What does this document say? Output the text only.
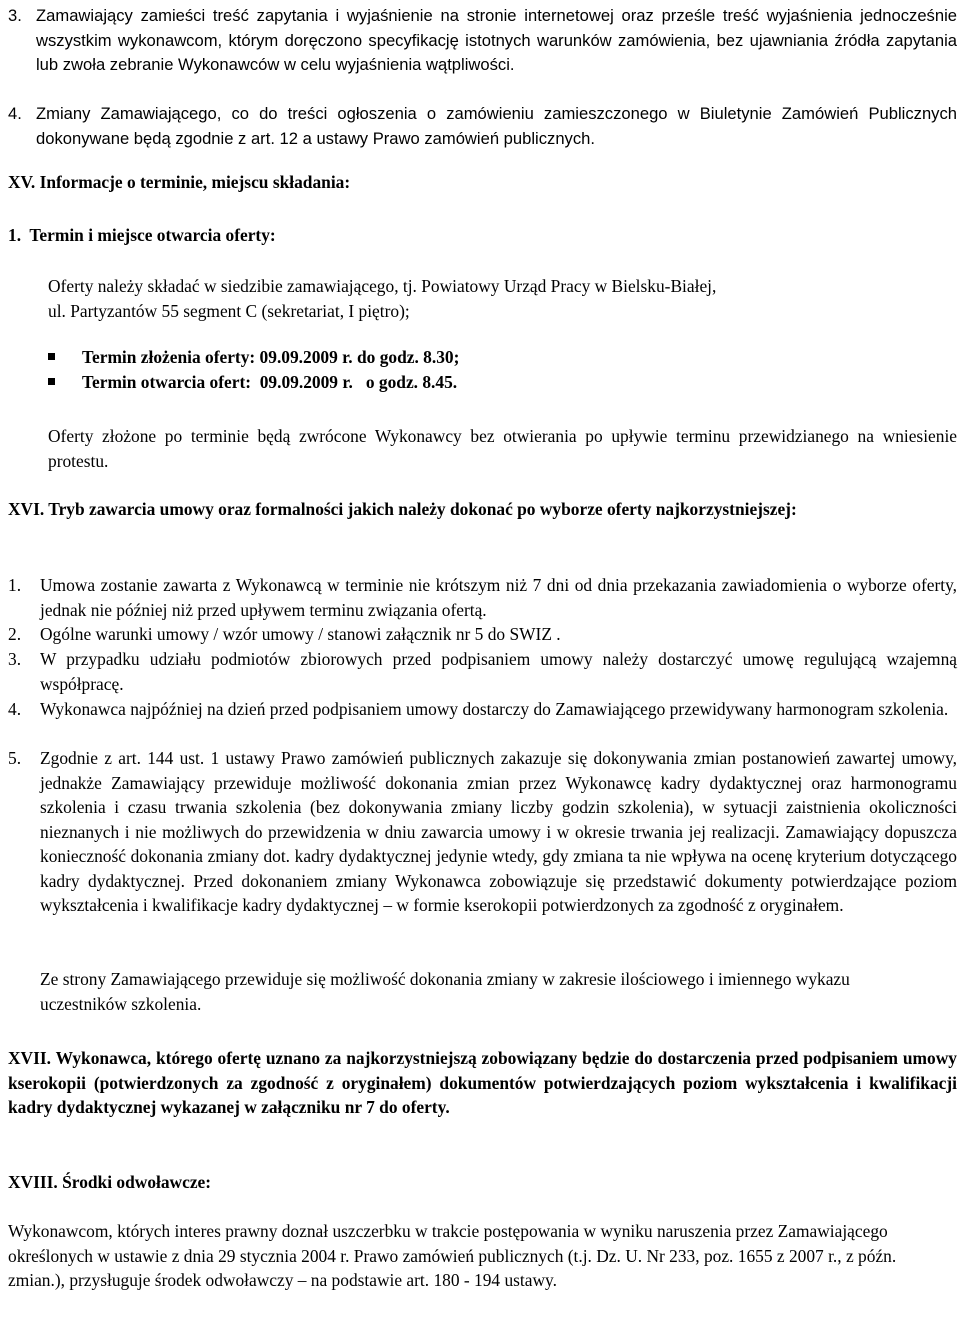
3. Zamawiający zamieści treść zapytania i wyjaśnienie na stronie internetowej oraz prześle treść wyjaśnienia jednocześnie wszystkim wykonawcom, którym doręczono specyfikację istotnych warunków zamówienia, bez ujawniania źródła zapytania lub zwoła zebranie Wykonawców w celu wyjaśnienia wątpliwości.

4. Zmiany Zamawiającego, co do treści ogłoszenia o zamówieniu zamieszczonego w Biuletynie Zamówień Publicznych dokonywane będą zgodnie z art. 12 a ustawy Prawo zamówień publicznych.

XV. Informacje o terminie, miejscu składania:
1.  Termin i miejsce otwarcia oferty:

Oferty należy składać w siedzibie zamawiającego, tj. Powiatowy Urząd Pracy w Bielsku-Białej, ul. Partyzantów 55 segment C (sekretariat, I piętro);

Termin złożenia oferty: 09.09.2009 r. do godz. 8.30;
Termin otwarcia ofert:  09.09.2009 r.   o godz. 8.45.

Oferty złożone po terminie będą zwrócone Wykonawcy bez otwierania po upływie terminu przewidzianego na wniesienie protestu.

XVI. Tryb zawarcia umowy oraz formalności jakich należy dokonać po wyborze oferty najkorzystniejszej:
1. Umowa zostanie zawarta z Wykonawcą w terminie nie krótszym niż 7 dni od dnia przekazania zawiadomienia o wyborze oferty, jednak nie później niż przed upływem terminu związania ofertą.

2. Ogólne warunki umowy / wzór umowy / stanowi załącznik nr 5 do SWIZ .

3. W przypadku udziału podmiotów zbiorowych przed podpisaniem umowy należy dostarczyć umowę regulującą wzajemną współpracę.

4. Wykonawca najpóźniej na dzień przed podpisaniem umowy dostarczy do Zamawiającego przewidywany harmonogram szkolenia.

5. Zgodnie z art. 144 ust. 1 ustawy Prawo zamówień publicznych zakazuje się dokonywania zmian postanowień zawartej umowy, jednakże Zamawiający przewiduje możliwość dokonania zmian przez Wykonawcę kadry dydaktycznej oraz harmonogramu szkolenia i czasu trwania szkolenia (bez dokonywania zmiany liczby godzin szkolenia), w sytuacji zaistnienia okoliczności nieznanych i nie możliwych do przewidzenia w dniu zawarcia umowy i w okresie trwania jej realizacji. Zamawiający dopuszcza konieczność dokonania zmiany dot. kadry dydaktycznej jedynie wtedy, gdy zmiana ta nie wpływa na ocenę kryterium dotyczącego kadry dydaktycznej. Przed dokonaniem zmiany Wykonawca zobowiązuje się przedstawić dokumenty potwierdzające poziom wykształcenia i kwalifikacje kadry dydaktycznej – w formie kserokopii potwierdzonych za zgodność z oryginałem.

Ze strony Zamawiającego przewiduje się możliwość dokonania zmiany w zakresie ilościowego i imiennego wykazu uczestników szkolenia.

XVII. Wykonawca, którego ofertę uznano za najkorzystniejszą zobowiązany będzie do dostarczenia przed podpisaniem umowy kserokopii (potwierdzonych za zgodność z oryginałem) dokumentów potwierdzających poziom wykształcenia i kwalifikacji kadry dydaktycznej wykazanej w załączniku nr 7 do oferty.

XVIII. Środki odwoławcze:

Wykonawcom, których interes prawny doznał uszczerbku w trakcie postępowania w wyniku naruszenia przez Zamawiającego określonych w ustawie z dnia 29 stycznia 2004 r. Prawo zamówień publicznych (t.j. Dz. U. Nr 233, poz. 1655 z 2007 r., z późn. zmian.), przysługuje środek odwoławczy – na podstawie art. 180 - 194 ustawy.
